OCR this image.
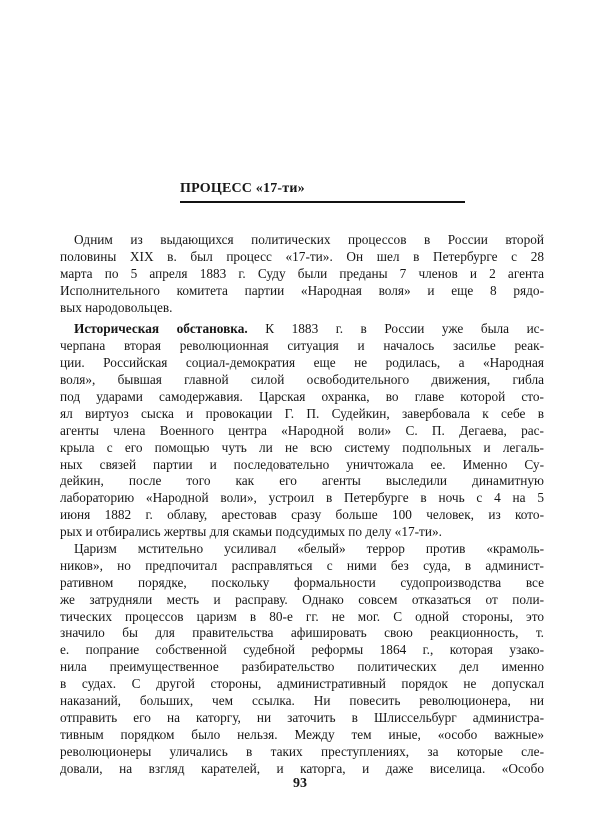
ПРОЦЕСС «17-ти»
Одним из выдающихся политических процессов в России второй
половины XIX в. был процесс «17-ти». Он шел в Петербурге с 28
марта по 5 апреля 1883 г. Суду были преданы 7 членов и 2 агента
Исполнительного комитета партии «Народная воля» и еще 8 рядо-
вых народовольцев.
Историческая обстановка. К 1883 г. в России уже была ис-
черпана вторая революционная ситуация и началось засилье реак-
ции. Российская социал-демократия еще не родилась, а «Народная
воля», бывшая главной силой освободительного движения, гибла
под ударами самодержавия. Царская охранка, во главе которой сто-
ял виртуоз сыска и провокации Г. П. Судейкин, завербовала к себе в
агенты члена Военного центра «Народной воли» С. П. Дегаева, рас-
крыла с его помощью чуть ли не всю систему подпольных и легаль-
ных связей партии и последовательно уничтожала ее. Именно Су-
дейкин, после того как его агенты выследили динамитную
лабораторию «Народной воли», устроил в Петербурге в ночь с 4 на 5
июня 1882 г. облаву, арестовав сразу больше 100 человек, из кото-
рых и отбирались жертвы для скамьи подсудимых по делу «17-ти».
Царизм мстительно усиливал «белый» террор против «крамоль-
ников», но предпочитал расправляться с ними без суда, в админист-
ративном порядке, поскольку формальности судопроизводства все
же затрудняли месть и расправу. Однако совсем отказаться от поли-
тических процессов царизм в 80-е гг. не мог. С одной стороны, это
значило бы для правительства афишировать свою реакционность, т.
е. попрание собственной судебной реформы 1864 г., которая узако-
нила преимущественное разбирательство политических дел именно
в судах. С другой стороны, административный порядок не допускал
наказаний, больших, чем ссылка. Ни повесить революционера, ни
отправить его на каторгу, ни заточить в Шлиссельбург администра-
тивным порядком было нельзя. Между тем иные, «особо важные»
революционеры уличались в таких преступлениях, за которые сле-
довали, на взгляд карателей, и каторга, и даже виселица. «Особо
93
